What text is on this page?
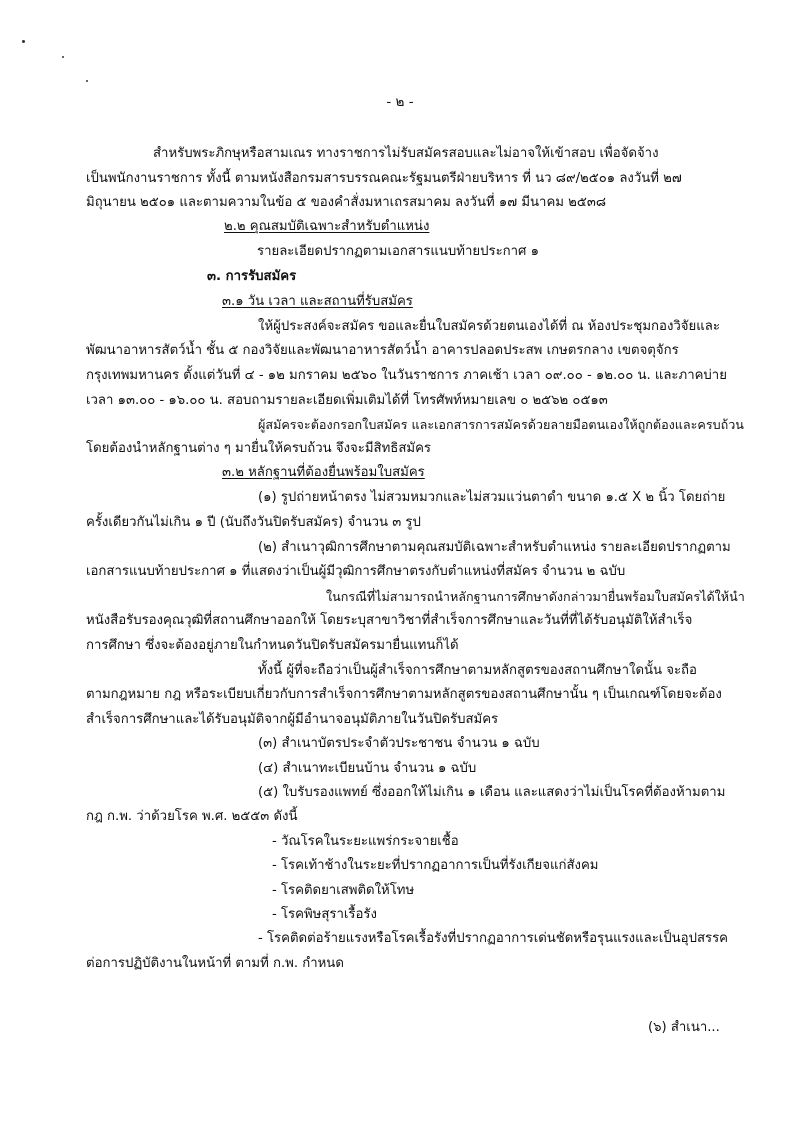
- ๒ -
สำหรับพระภิกษุหรือสามเณร ทางราชการไม่รับสมัครสอบและไม่อาจให้เข้าสอบ เพื่อจัดจ้าง
เป็นพนักงานราชการ ทั้งนี้ ตามหนังสือกรมสารบรรณคณะรัฐมนตรีฝ่ายบริหาร ที่ นว ๘๙/๒๕๐๑ ลงวันที่ ๒๗
มิถุนายน ๒๕๐๑ และตามความในข้อ ๕ ของคำสั่งมหาเถรสมาคม ลงวันที่ ๑๗ มีนาคม ๒๕๓๘
๒.๒ คุณสมบัติเฉพาะสำหรับตำแหน่ง
รายละเอียดปรากฏตามเอกสารแนบท้ายประกาศ ๑
๓. การรับสมัคร
๓.๑ วัน เวลา และสถานที่รับสมัคร
ให้ผู้ประสงค์จะสมัคร ขอและยื่นใบสมัครด้วยตนเองได้ที่ ณ ห้องประชุมกองวิจัยและ
พัฒนาอาหารสัตว์น้ำ ชั้น ๕ กองวิจัยและพัฒนาอาหารสัตว์น้ำ อาคารปลอดประสพ เกษตรกลาง เขตจตุจักร
กรุงเทพมหานคร ตั้งแต่วันที่ ๔ - ๑๒ มกราคม ๒๕๖๐ ในวันราชการ ภาคเช้า เวลา ๐๙.๐๐ - ๑๒.๐๐ น. และภาคบ่าย
เวลา ๑๓.๐๐ - ๑๖.๐๐ น. สอบถามรายละเอียดเพิ่มเติมได้ที่ โทรศัพท์หมายเลข ๐ ๒๕๖๒ ๐๕๑๓
ผู้สมัครจะต้องกรอกใบสมัคร และเอกสารการสมัครด้วยลายมือตนเองให้ถูกต้องและครบถ้วน
โดยต้องนำหลักฐานต่าง ๆ มายื่นให้ครบถ้วน จึงจะมีสิทธิสมัคร
๓.๒ หลักฐานที่ต้องยื่นพร้อมใบสมัคร
(๑) รูปถ่ายหน้าตรง ไม่สวมหมวกและไม่สวมแว่นตาดำ ขนาด ๑.๕ X ๒ นิ้ว โดยถ่าย
ครั้งเดียวกันไม่เกิน ๑ ปี (นับถึงวันปิดรับสมัคร) จำนวน ๓ รูป
(๒) สำเนาวุฒิการศึกษาตามคุณสมบัติเฉพาะสำหรับตำแหน่ง รายละเอียดปรากฏตาม
เอกสารแนบท้ายประกาศ ๑ ที่แสดงว่าเป็นผู้มีวุฒิการศึกษาตรงกับตำแหน่งที่สมัคร จำนวน ๒ ฉบับ
ในกรณีที่ไม่สามารถนำหลักฐานการศึกษาดังกล่าวมายื่นพร้อมใบสมัครได้ให้นำ
หนังสือรับรองคุณวุฒิที่สถานศึกษาออกให้ โดยระบุสาขาวิชาที่สำเร็จการศึกษาและวันที่ที่ได้รับอนุมัติให้สำเร็จ
การศึกษา ซึ่งจะต้องอยู่ภายในกำหนดวันปิดรับสมัครมายื่นแทนก็ได้
ทั้งนี้ ผู้ที่จะถือว่าเป็นผู้สำเร็จการศึกษาตามหลักสูตรของสถานศึกษาใดนั้น จะถือ
ตามกฎหมาย กฎ หรือระเบียบเกี่ยวกับการสำเร็จการศึกษาตามหลักสูตรของสถานศึกษานั้น ๆ เป็นเกณฑ์โดยจะต้อง
สำเร็จการศึกษาและได้รับอนุมัติจากผู้มีอำนาจอนุมัติภายในวันปิดรับสมัคร
(๓) สำเนาบัตรประจำตัวประชาชน จำนวน ๑ ฉบับ
(๔) สำเนาทะเบียนบ้าน จำนวน ๑ ฉบับ
(๕) ใบรับรองแพทย์ ซึ่งออกให้ไม่เกิน ๑ เดือน และแสดงว่าไม่เป็นโรคที่ต้องห้ามตาม
กฎ ก.พ. ว่าด้วยโรค พ.ศ. ๒๕๕๓ ดังนี้
- วัณโรคในระยะแพร่กระจายเชื้อ
- โรคเท้าช้างในระยะที่ปรากฏอาการเป็นที่รังเกียจแก่สังคม
- โรคติดยาเสพติดให้โทษ
- โรคพิษสุราเรื้อรัง
- โรคติดต่อร้ายแรงหรือโรคเรื้อรังที่ปรากฏอาการเด่นชัดหรือรุนแรงและเป็นอุปสรรค
ต่อการปฏิบัติงานในหน้าที่ ตามที่ ก.พ. กำหนด
(๖) สำเนา...
